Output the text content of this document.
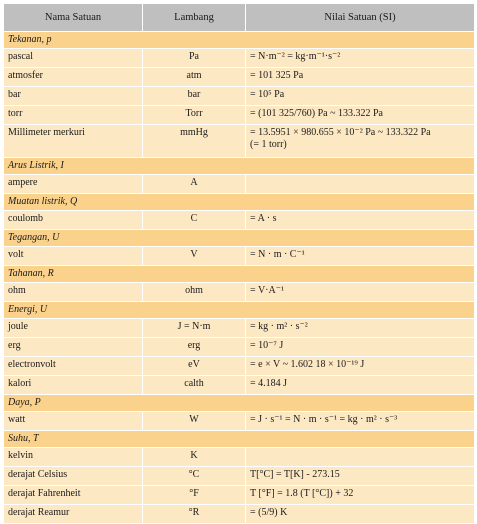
Nama Satuan	Lambang	Nilai Satuan (SI)
Tekanan, p		
pascal	Pa	= N·m⁻² = kg·m⁻¹·s⁻²
atmosfer	atm	= 101 325 Pa
bar	bar	= 10⁵ Pa
torr	Torr	= (101 325/760) Pa ~ 133.322 Pa
Millimeter merkuri	mmHg	= 13.5951 × 980.655 × 10⁻² Pa ~ 133.322 Pa
(= 1 torr)

Arus Listrik, I		
ampere	A	
Muatan listrik, Q		
coulomb	C	= A · s
Tegangan, U		
volt	V	= N · m · C⁻¹
Tahanan, R		
ohm	ohm	= V·A⁻¹
Energi, U		
joule	J = N·m	= kg · m² · s⁻²
erg	erg	= 10⁻⁷ J
electronvolt	eV	= e × V ~ 1.602 18 × 10⁻¹⁹ J
kalori	calth	= 4.184 J
Daya, P		
watt	W	= J · s⁻¹ = N · m · s⁻¹ = kg · m² · s⁻³
Suhu, T		
kelvin	K	
derajat Celsius	°C	T[°C] = T[K] - 273.15
derajat Fahrenheit	°F	T [°F] = 1.8 (T [°C]) + 32
derajat Reamur	°R	= (5/9) K
